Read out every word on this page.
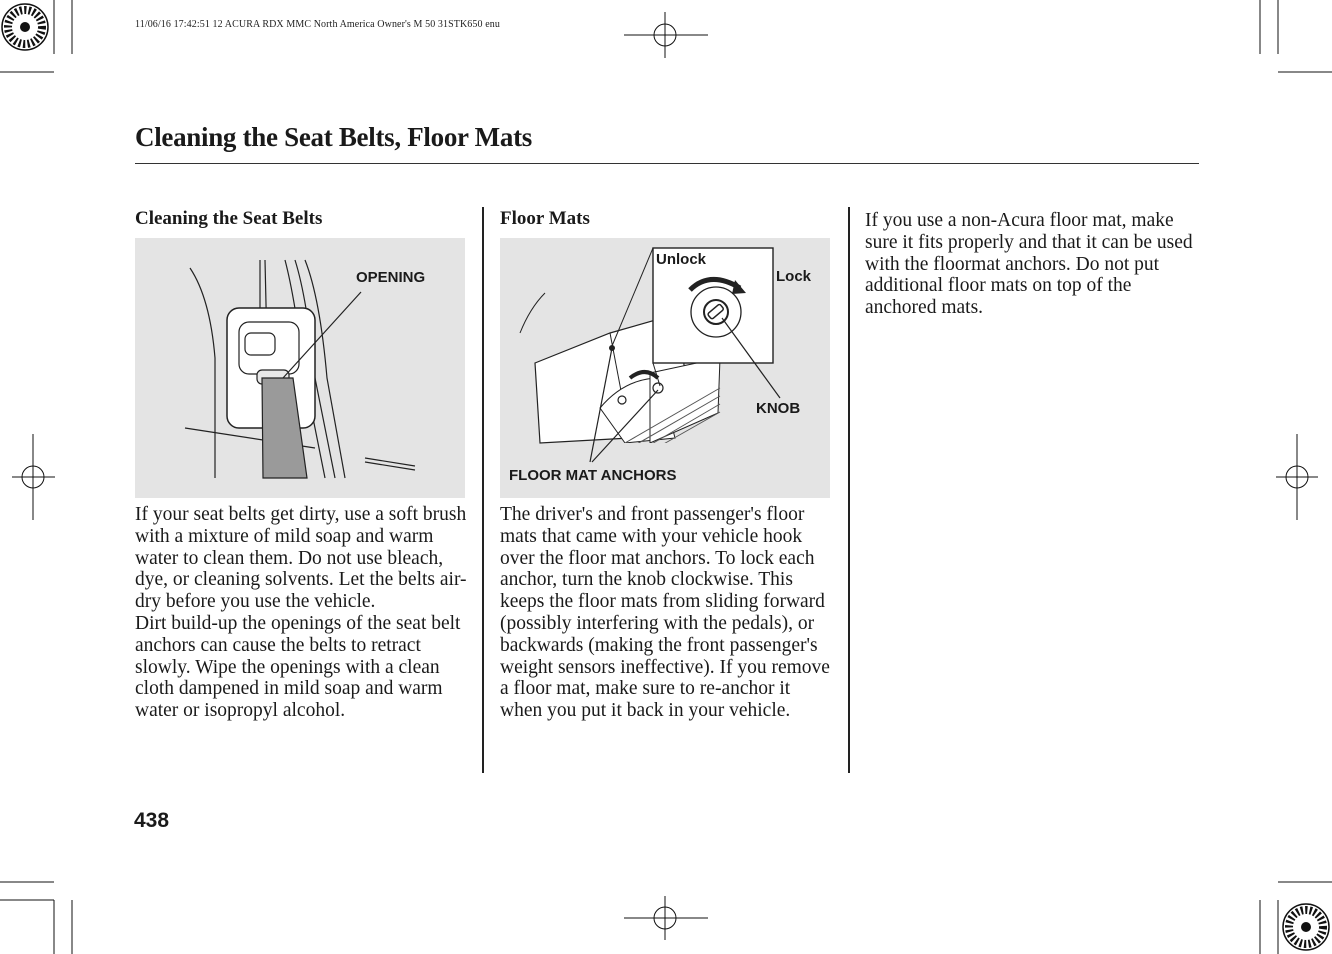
11/06/16 17:42:51 12 ACURA RDX MMC North America Owner's M 50 31STK650 enu
Cleaning the Seat Belts, Floor Mats
Cleaning the Seat Belts
OPENING

If your seat belts get dirty, use a soft brush with a mixture of mild soap and warm water to clean them. Do not use bleach, dye, or cleaning solvents. Let the belts air-dry before you use the vehicle.

Dirt build-up the openings of the seat belt anchors can cause the belts to retract slowly. Wipe the openings with a clean cloth dampened in mild soap and warm water or isopropyl alcohol.

Floor Mats
Unlock
Lock
KNOB
FLOOR MAT ANCHORS

The driver's and front passenger's floor mats that came with your vehicle hook over the floor mat anchors. To lock each anchor, turn the knob clockwise. This keeps the floor mats from sliding forward (possibly interfering with the pedals), or backwards (making the front passenger's weight sensors ineffective). If you remove a floor mat, make sure to re-anchor it when you put it back in your vehicle.

If you use a non-Acura floor mat, make sure it fits properly and that it can be used with the floormat anchors. Do not put additional floor mats on top of the anchored mats.

438
